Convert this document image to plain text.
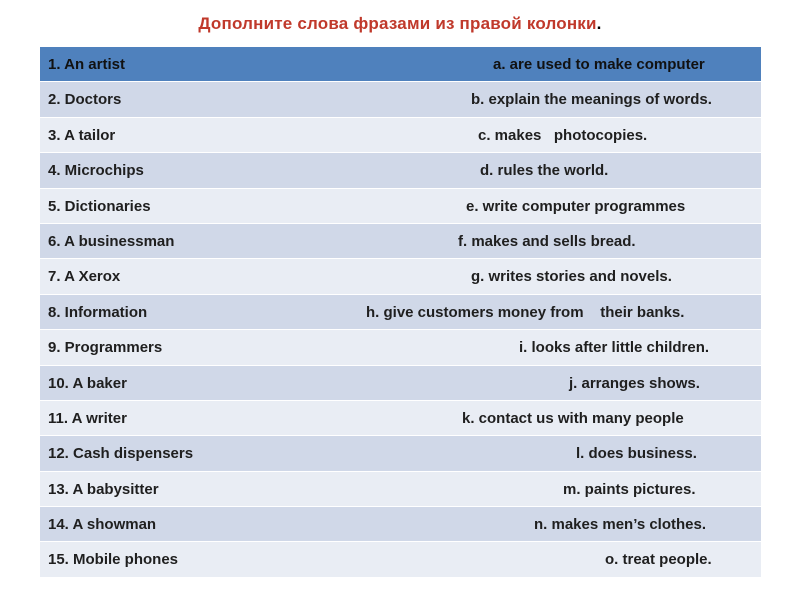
Дополните слова фразами из правой колонки.
1. An artist	a. are used to make computer
2. Doctors	b. explain the meanings of words.
3. A tailor	c. makes   photocopies.
4. Microchips	d. rules the world.
5. Dictionaries	e. write computer programmes
6. A businessman	f. makes and sells bread.
7. A Xerox	g. writes stories and novels.
8. Information	h. give customers money from    their banks.
9. Programmers	i. looks after little children.
10. A baker	j. arranges shows.
11. A writer	k. contact us with many people
12. Cash dispensers	l. does business.
13. A babysitter	m. paints pictures.
14. A showman	n. makes men’s clothes.
15. Mobile phones	o. treat people.
